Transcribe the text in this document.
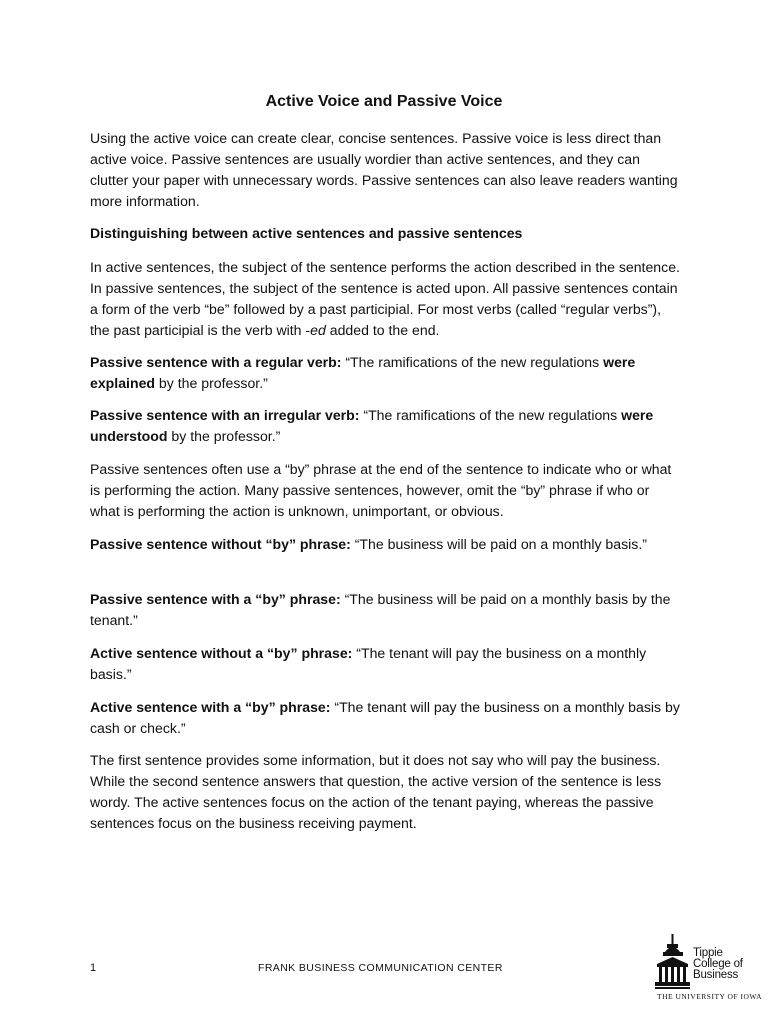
Active Voice and Passive Voice

Using the active voice can create clear, concise sentences. Passive voice is less direct than active voice. Passive sentences are usually wordier than active sentences, and they can clutter your paper with unnecessary words. Passive sentences can also leave readers wanting more information.

Distinguishing between active sentences and passive sentences

In active sentences, the subject of the sentence performs the action described in the sentence. In passive sentences, the subject of the sentence is acted upon. All passive sentences contain a form of the verb “be” followed by a past participial. For most verbs (called “regular verbs”), the past participial is the verb with -ed added to the end.

Passive sentence with a regular verb: “The ramifications of the new regulations were explained by the professor.”

Passive sentence with an irregular verb: “The ramifications of the new regulations were understood by the professor.”

Passive sentences often use a “by” phrase at the end of the sentence to indicate who or what is performing the action. Many passive sentences, however, omit the “by” phrase if who or what is performing the action is unknown, unimportant, or obvious.

Passive sentence without “by” phrase: “The business will be paid on a monthly basis.”

Passive sentence with a “by” phrase: “The business will be paid on a monthly basis by the tenant.”

Active sentence without a “by” phrase: “The tenant will pay the business on a monthly basis.”

Active sentence with a “by” phrase: “The tenant will pay the business on a monthly basis by cash or check.”

The first sentence provides some information, but it does not say who will pay the business. While the second sentence answers that question, the active version of the sentence is less wordy. The active sentences focus on the action of the tenant paying, whereas the passive sentences focus on the business receiving payment.

1	FRANK BUSINESS COMMUNICATION CENTER
Tippie
College of
Business
THE UNIVERSITY OF IOWA
